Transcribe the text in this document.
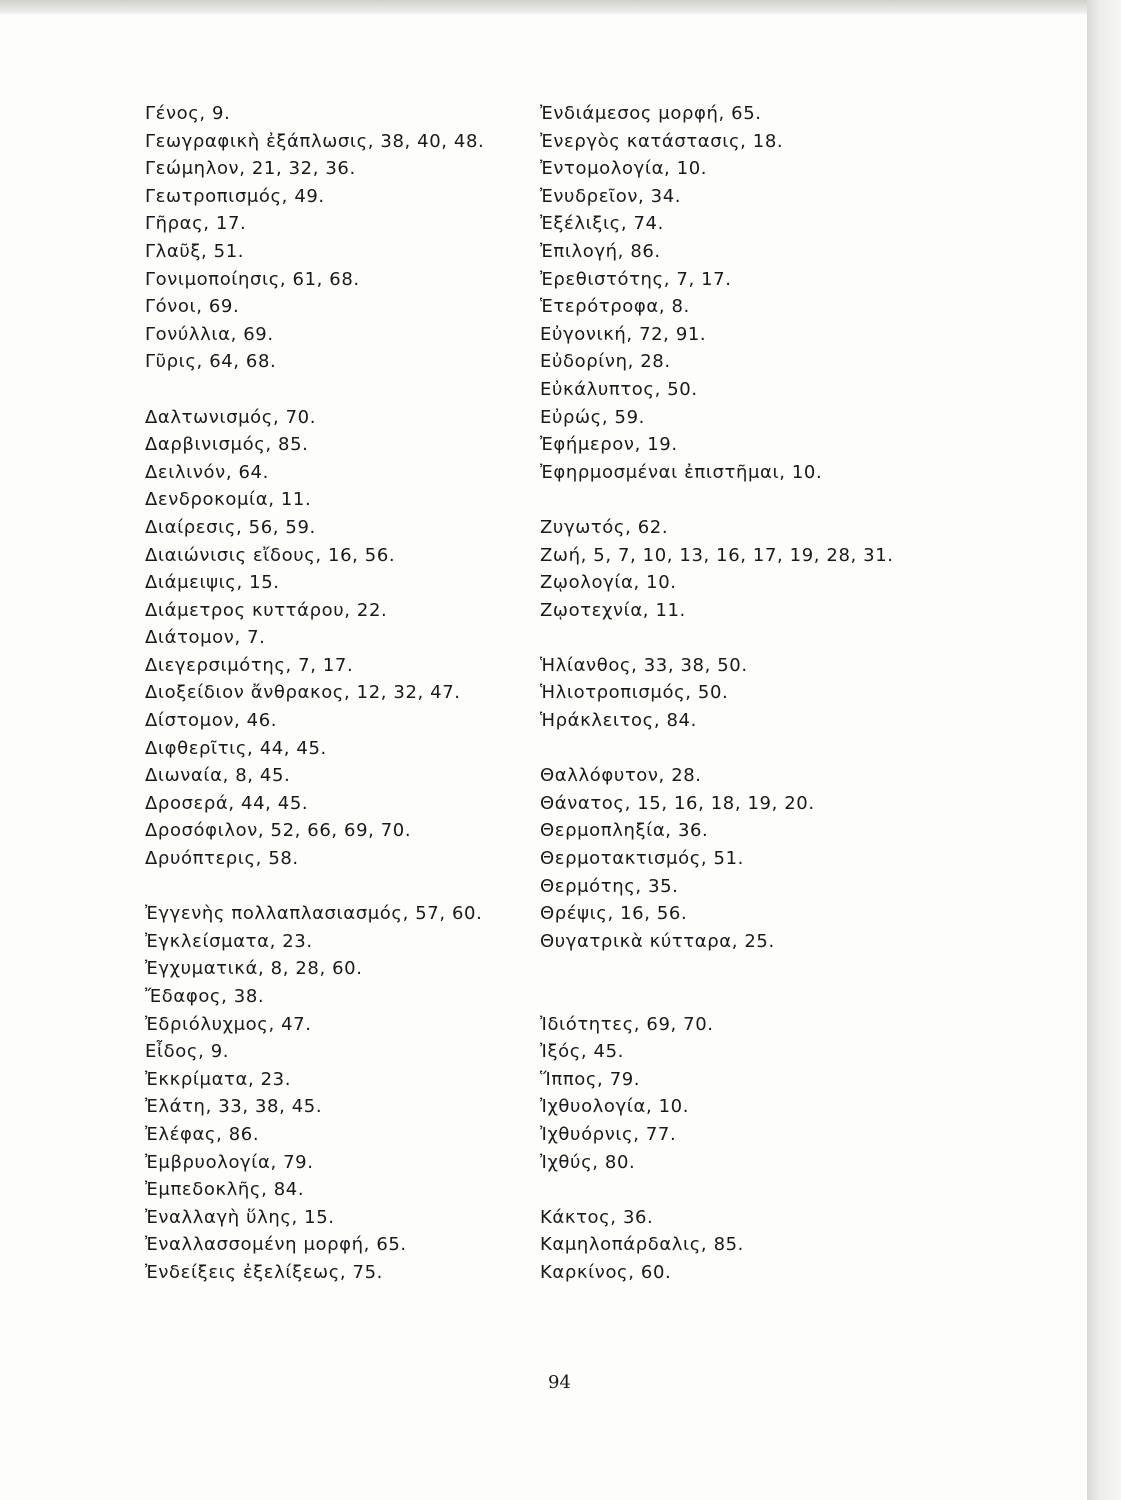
Γένος, 9.
Γεωγραφικὴ ἐξάπλωσις, 38, 40, 48.
Γεώμηλον, 21, 32, 36.
Γεωτροπισμός, 49.
Γῆρας, 17.
Γλαῦξ, 51.
Γονιμοποίησις, 61, 68.
Γόνοι, 69.
Γονύλλια, 69.
Γῦρις, 64, 68.
Δαλτωνισμός, 70.
Δαρβινισμός, 85.
Δειλινόν, 64.
Δενδροκομία, 11.
Διαίρεσις, 56, 59.
Διαιώνισις εἴδους, 16, 56.
Διάμειψις, 15.
Διάμετρος κυττάρου, 22.
Διάτομον, 7.
Διεγερσιμότης, 7, 17.
Διοξείδιον ἄνθρακος, 12, 32, 47.
Δίστομον, 46.
Διφθερῖτις, 44, 45.
Διωναία, 8, 45.
Δροσερά, 44, 45.
Δροσόφιλον, 52, 66, 69, 70.
Δρυόπτερις, 58.
Ἐγγενὴς πολλαπλασιασμός, 57, 60.
Ἐγκλείσματα, 23.
Ἐγχυματικά, 8, 28, 60.
Ἔδαφος, 38.
Ἐδριόλυχμος, 47.
Εἶδος, 9.
Ἐκκρίματα, 23.
Ἐλάτη, 33, 38, 45.
Ἐλέφας, 86.
Ἐμβρυολογία, 79.
Ἐμπεδοκλῆς, 84.
Ἐναλλαγὴ ὕλης, 15.
Ἐναλλασσομένη μορφή, 65.
Ἐνδείξεις ἐξελίξεως, 75.
Ἐνδιάμεσος μορφή, 65.
Ἐνεργὸς κατάστασις, 18.
Ἐντομολογία, 10.
Ἐνυδρεῖον, 34.
Ἐξέλιξις, 74.
Ἐπιλογή, 86.
Ἐρεθιστότης, 7, 17.
Ἑτερότροφα, 8.
Εὐγονική, 72, 91.
Εὐδορίνη, 28.
Εὐκάλυπτος, 50.
Εὐρώς, 59.
Ἐφήμερον, 19.
Ἐφηρμοσμέναι ἐπιστῆμαι, 10.
Ζυγωτός, 62.
Ζωή, 5, 7, 10, 13, 16, 17, 19, 28, 31.
Ζῳολογία, 10.
Ζῳοτεχνία, 11.
Ἡλίανθος, 33, 38, 50.
Ἡλιοτροπισμός, 50.
Ἡράκλειτος, 84.
Θαλλόφυτον, 28.
Θάνατος, 15, 16, 18, 19, 20.
Θερμοπληξία, 36.
Θερμοτακτισμός, 51.
Θερμότης, 35.
Θρέψις, 16, 56.
Θυγατρικὰ κύτταρα, 25.
Ἰδιότητες, 69, 70.
Ἰξός, 45.
Ἵππος, 79.
Ἰχθυολογία, 10.
Ἰχθυόρνις, 77.
Ἰχθύς, 80.
Κάκτος, 36.
Καμηλοπάρδαλις, 85.
Καρκίνος, 60.
94
